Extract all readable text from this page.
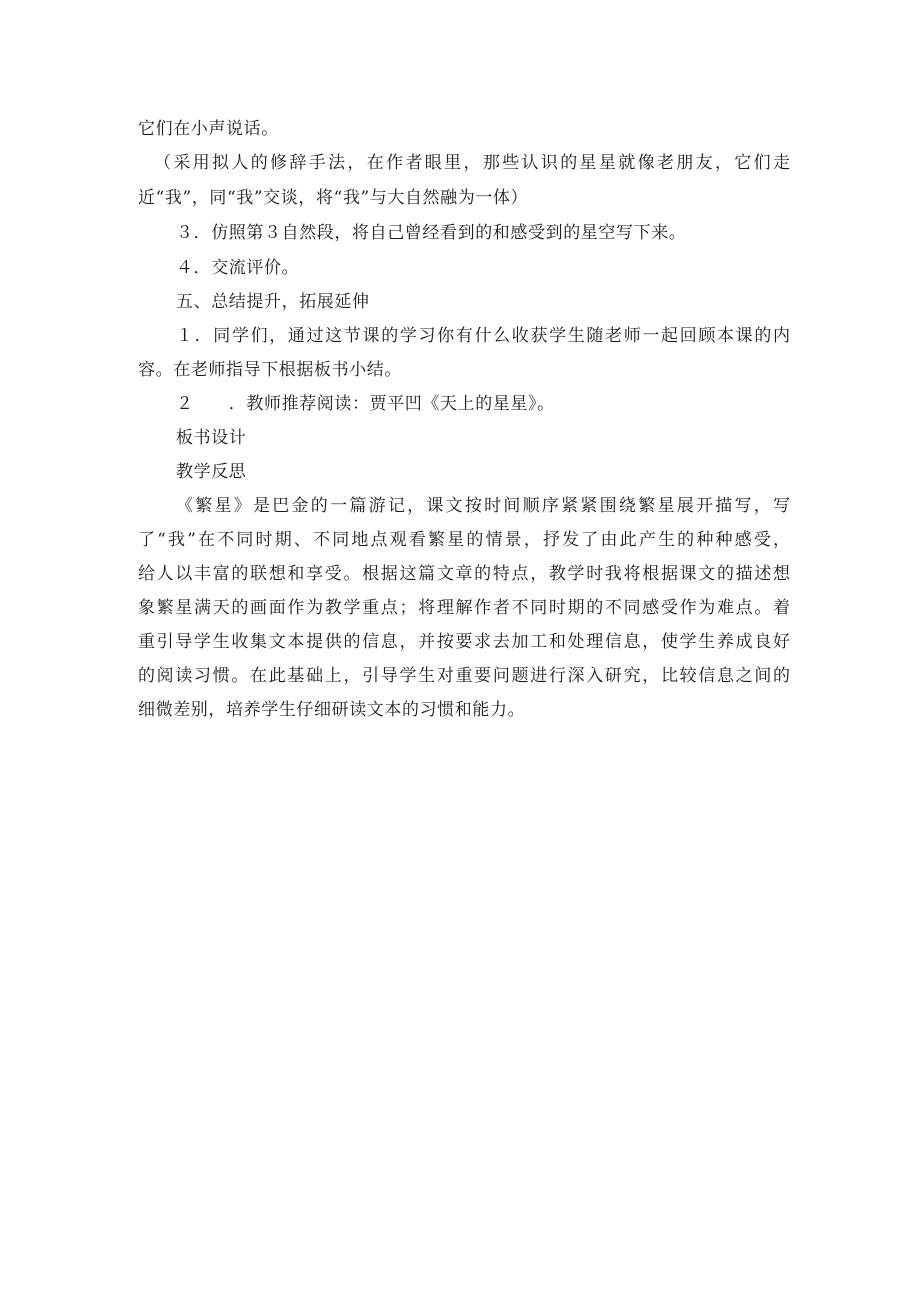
它们在小声说话。
（采用拟人的修辞手法，在作者眼里，那些认识的星星就像老朋友，它们走
近“我”，同“我”交谈，将“我”与大自然融为一体）
３．仿照第３自然段，将自己曾经看到的和感受到的星空写下来。
４．交流评价。
五、总结提升，拓展延伸
１．同学们，通过这节课的学习你有什么收获学生随老师一起回顾本课的内
容。在老师指导下根据板书小结。
２　　．教师推荐阅读：贾平凹《天上的星星》。
板书设计
教学反思
《繁星》是巴金的一篇游记，课文按时间顺序紧紧围绕繁星展开描写，写
了“我”在不同时期、不同地点观看繁星的情景，抒发了由此产生的种种感受，
给人以丰富的联想和享受。根据这篇文章的特点，教学时我将根据课文的描述想
象繁星满天的画面作为教学重点；将理解作者不同时期的不同感受作为难点。着
重引导学生收集文本提供的信息，并按要求去加工和处理信息，使学生养成良好
的阅读习惯。在此基础上，引导学生对重要问题进行深入研究，比较信息之间的
细微差别，培养学生仔细研读文本的习惯和能力。
